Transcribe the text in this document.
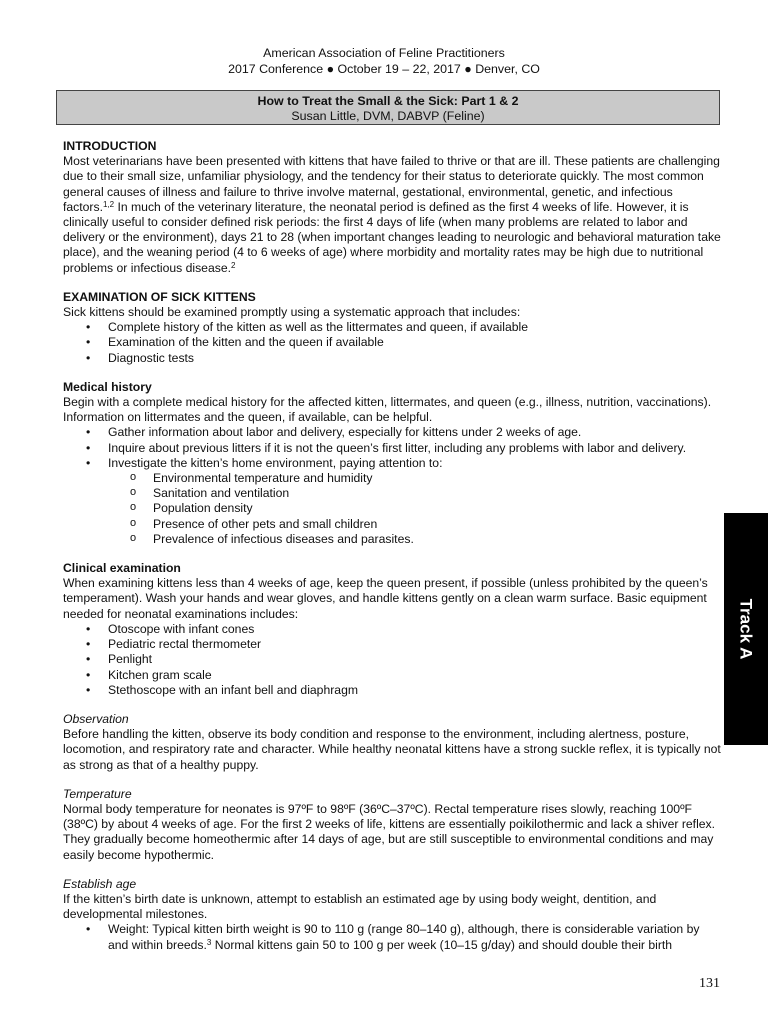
American Association of Feline Practitioners
2017 Conference ● October 19 – 22, 2017 ● Denver, CO
How to Treat the Small & the Sick: Part 1 & 2
Susan Little, DVM, DABVP (Feline)
INTRODUCTION

Most veterinarians have been presented with kittens that have failed to thrive or that are ill. These patients are challenging due to their small size, unfamiliar physiology, and the tendency for their status to deteriorate quickly. The most common general causes of illness and failure to thrive involve maternal, gestational, environmental, genetic, and infectious factors.$^{1,2}$ In much of the veterinary literature, the neonatal period is defined as the first 4 weeks of life. However, it is clinically useful to consider defined risk periods: the first 4 days of life (when many problems are related to labor and delivery or the environment), days 21 to 28 (when important changes leading to neurologic and behavioral maturation take place), and the weaning period (4 to 6 weeks of age) where morbidity and mortality rates may be high due to nutritional problems or infectious disease.$^2$

EXAMINATION OF SICK KITTENS

Sick kittens should be examined promptly using a systematic approach that includes:

• Complete history of the kitten as well as the littermates and queen, if available
• Examination of the kitten and the queen if available
• Diagnostic tests
Medical history

Begin with a complete medical history for the affected kitten, littermates, and queen (e.g., illness, nutrition, vaccinations). Information on littermates and the queen, if available, can be helpful.

• Gather information about labor and delivery, especially for kittens under 2 weeks of age.
• Inquire about previous litters if it is not the queen’s first litter, including any problems with labor and delivery.
• Investigate the kitten’s home environment, paying attention to:
o Environmental temperature and humidity
o Sanitation and ventilation
o Population density
o Presence of other pets and small children
o Prevalence of infectious diseases and parasites.
Clinical examination

When examining kittens less than 4 weeks of age, keep the queen present, if possible (unless prohibited by the queen’s temperament). Wash your hands and wear gloves, and handle kittens gently on a clean warm surface. Basic equipment needed for neonatal examinations includes:

• Otoscope with infant cones
• Pediatric rectal thermometer
• Penlight
• Kitchen gram scale
• Stethoscope with an infant bell and diaphragm
Observation

Before handling the kitten, observe its body condition and response to the environment, including alertness, posture, locomotion, and respiratory rate and character. While healthy neonatal kittens have a strong suckle reflex, it is typically not as strong as that of a healthy puppy.

Temperature

Normal body temperature for neonates is 97ºF to 98ºF (36ºC–37ºC). Rectal temperature rises slowly, reaching 100ºF (38ºC) by about 4 weeks of age. For the first 2 weeks of life, kittens are essentially poikilothermic and lack a shiver reflex. They gradually become homeothermic after 14 days of age, but are still susceptible to environmental conditions and may easily become hypothermic.

Establish age

If the kitten’s birth date is unknown, attempt to establish an estimated age by using body weight, dentition, and developmental milestones.

• Weight: Typical kitten birth weight is 90 to 110 g (range 80–140 g), although, there is considerable variation by and within breeds.$^3$ Normal kittens gain 50 to 100 g per week (10–15 g/day) and should double their birth
Track A
131
